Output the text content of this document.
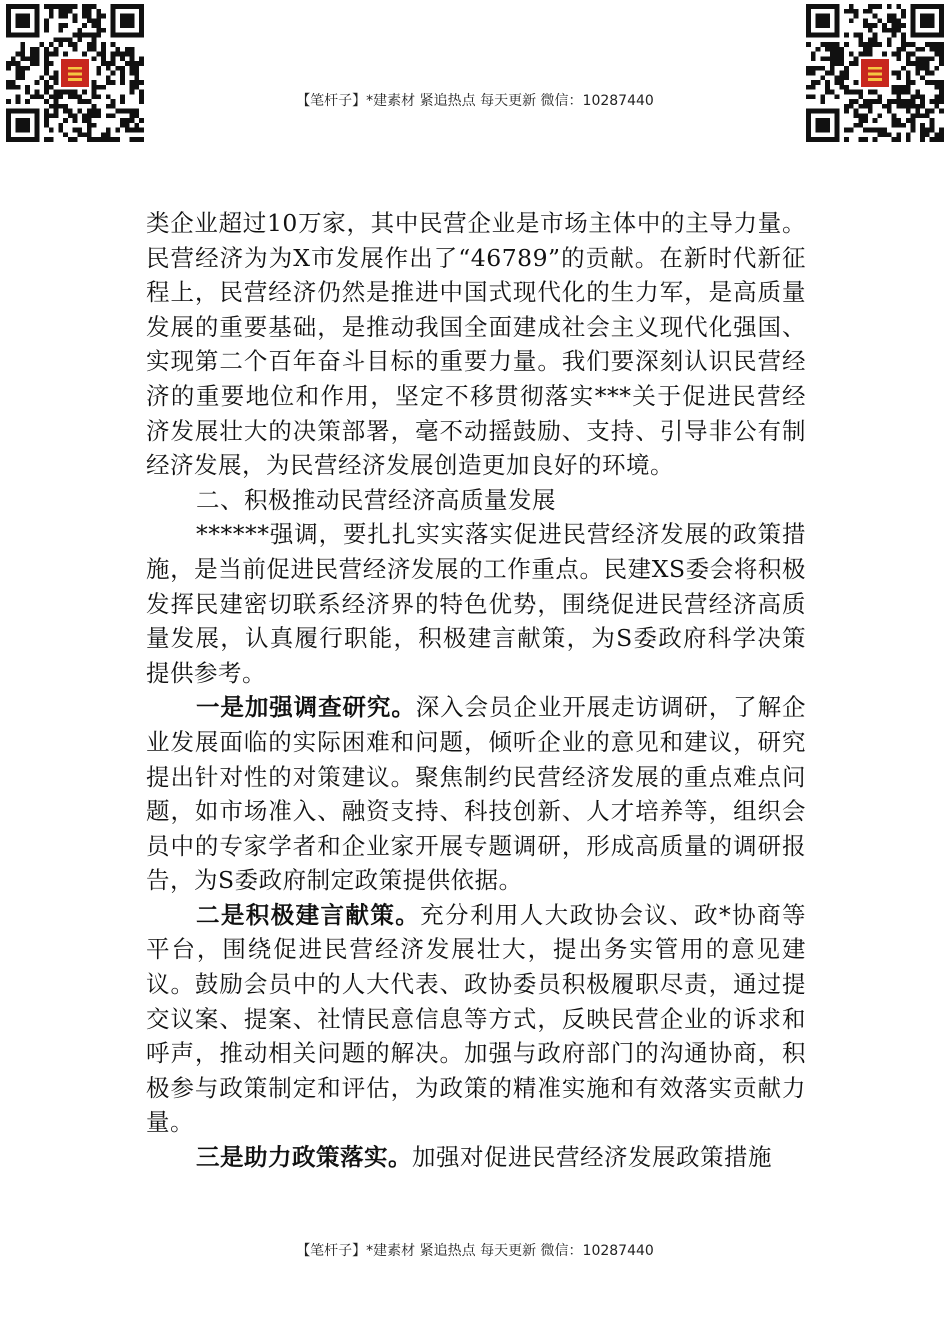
【笔杆子】*建素材 紧追热点 每天更新 微信：10287440

类企业超过10万家，其中民营企业是市场主体中的主导力量。民营经济为为X市发展作出了“46789”的贡献。在新时代新征程上，民营经济仍然是推进中国式现代化的生力军，是高质量发展的重要基础，是推动我国全面建成社会主义现代化强国、实现第二个百年奋斗目标的重要力量。我们要深刻认识民营经济的重要地位和作用，坚定不移贯彻落实***关于促进民营经济发展壮大的决策部署，毫不动摇鼓励、支持、引导非公有制经济发展，为民营经济发展创造更加良好的环境。

二、积极推动民营经济高质量发展

******强调，要扎扎实实落实促进民营经济发展的政策措施，是当前促进民营经济发展的工作重点。民建XS委会将积极发挥民建密切联系经济界的特色优势，围绕促进民营经济高质量发展，认真履行职能，积极建言献策，为S委政府科学决策提供参考。

一是加强调查研究。深入会员企业开展走访调研，了解企业发展面临的实际困难和问题，倾听企业的意见和建议，研究提出针对性的对策建议。聚焦制约民营经济发展的重点难点问题，如市场准入、融资支持、科技创新、人才培养等，组织会员中的专家学者和企业家开展专题调研，形成高质量的调研报告，为S委政府制定政策提供依据。

二是积极建言献策。充分利用人大政协会议、政*协商等平台，围绕促进民营经济发展壮大，提出务实管用的意见建议。鼓励会员中的人大代表、政协委员积极履职尽责，通过提交议案、提案、社情民意信息等方式，反映民营企业的诉求和呼声，推动相关问题的解决。加强与政府部门的沟通协商，积极参与政策制定和评估，为政策的精准实施和有效落实贡献力量。

三是助力政策落实。加强对促进民营经济发展政策措施

【笔杆子】*建素材 紧追热点 每天更新 微信：10287440
